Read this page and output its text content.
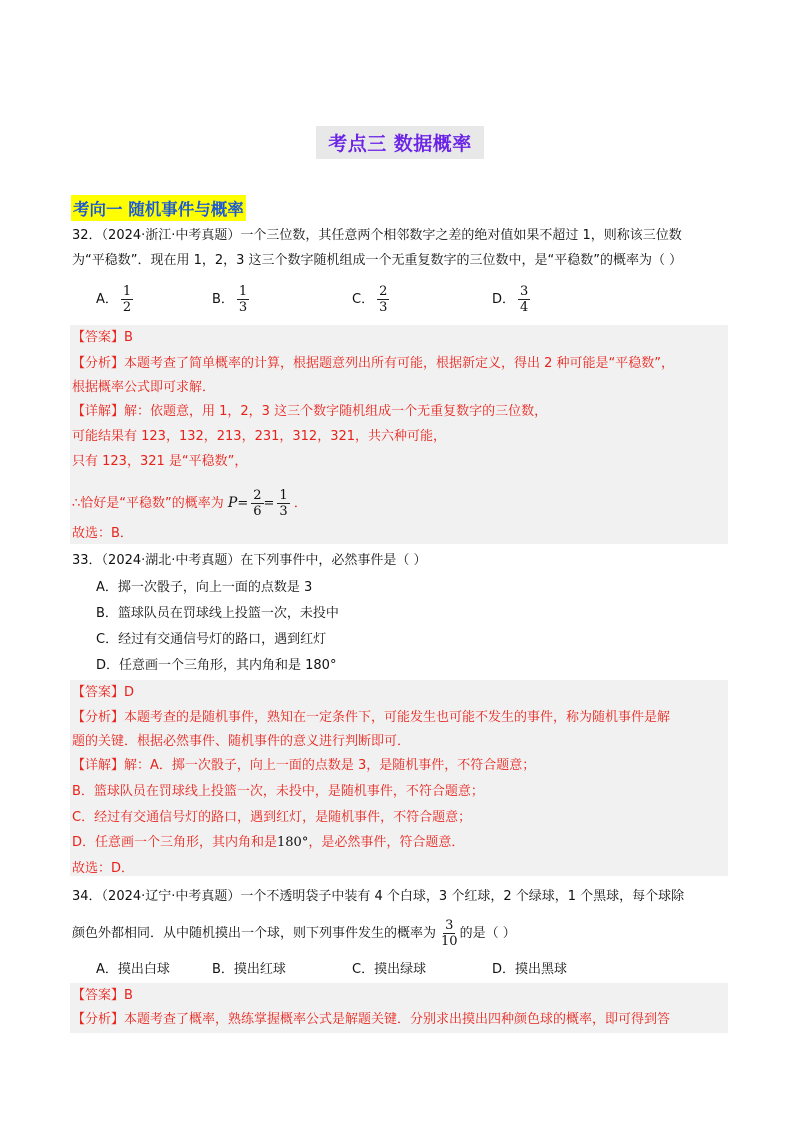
考点三 数据概率
考向一 随机事件与概率
32．（2024·浙江·中考真题）一个三位数，其任意两个相邻数字之差的绝对值如果不超过 1，则称该三位数
为“平稳数”．现在用 1，2，3 这三个数字随机组成一个无重复数字的三位数中，是“平稳数”的概率为（ ）
A． $\frac{1}{2}$	B． $\frac{1}{3}$	C． $\frac{2}{3}$	D． $\frac{3}{4}$
【答案】B
【分析】本题考查了简单概率的计算，根据题意列出所有可能，根据新定义，得出 2 种可能是“平稳数”，
根据概率公式即可求解．
【详解】解：依题意，用 1，2，3 这三个数字随机组成一个无重复数字的三位数，
可能结果有 123，132，213，231，312，321，共六种可能，
只有 123，321 是“平稳数”，
∴恰好是“平稳数”的概率为 $P= \frac{2}{6} = \frac{1}{3}$ ．
故选：B．
33．（2024·湖北·中考真题）在下列事件中，必然事件是（ ）
A．掷一次骰子，向上一面的点数是 3
B．篮球队员在罚球线上投篮一次，未投中
C．经过有交通信号灯的路口，遇到红灯
D．任意画一个三角形，其内角和是 180°
【答案】D
【分析】本题考查的是随机事件，熟知在一定条件下，可能发生也可能不发生的事件，称为随机事件是解
题的关键．根据必然事件、随机事件的意义进行判断即可．
【详解】解：A．掷一次骰子，向上一面的点数是 3，是随机事件，不符合题意；
B．篮球队员在罚球线上投篮一次，未投中，是随机事件，不符合题意；
C．经过有交通信号灯的路口，遇到红灯，是随机事件，不符合题意；
D．任意画一个三角形，其内角和是180°，是必然事件，符合题意．
故选：D．
34．（2024·辽宁·中考真题）一个不透明袋子中装有 4 个白球，3 个红球，2 个绿球，1 个黑球，每个球除
颜色外都相同．从中随机摸出一个球，则下列事件发生的概率为 $\frac{3}{10}$ 的是（ ）
A．摸出白球	B．摸出红球	C．摸出绿球	D．摸出黑球
【答案】B
【分析】本题考查了概率，熟练掌握概率公式是解题关键．分别求出摸出四种颜色球的概率，即可得到答
